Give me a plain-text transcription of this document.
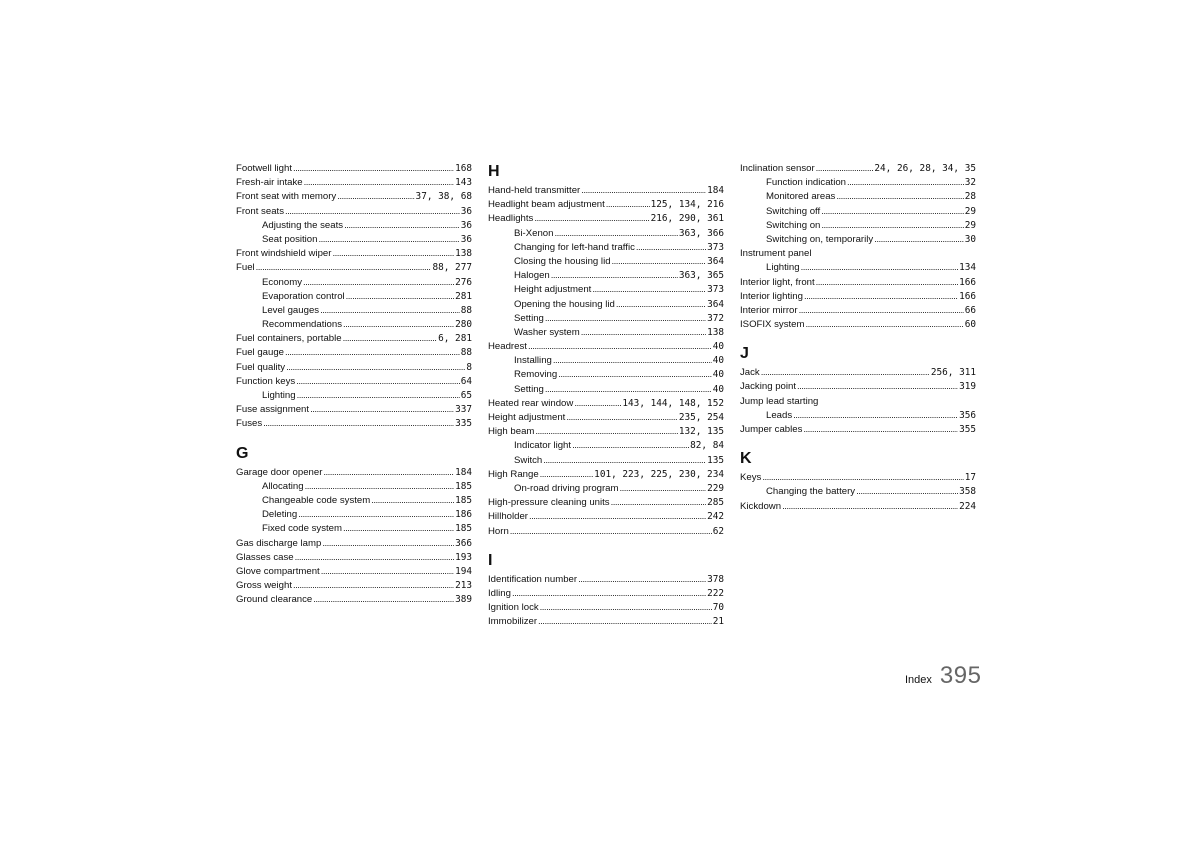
Footwell light . . .	168
Fresh-air intake . . .	143
Front seat with memory . . .	37, 38, 68
Front seats . . .	36
Adjusting the seats . . .	36
Seat position . . .	36
Front windshield wiper . . .	138
Fuel . . .	88, 277
Economy . . .	276
Evaporation control . . .	281
Level gauges . . .	88
Recommendations . . .	280
Fuel containers, portable . . .	6, 281
Fuel gauge . . .	88
Fuel quality . . .	8
Function keys . . .	64
Lighting . . .	65
Fuse assignment . . .	337
Fuses . . .	335
G
Garage door opener . . .	184
Allocating . . .	185
Changeable code system . . .	185
Deleting . . .	186
Fixed code system . . .	185
Gas discharge lamp . . .	366
Glasses case . . .	193
Glove compartment . . .	194
Gross weight . . .	213
Ground clearance . . .	389
H
Hand-held transmitter . . .	184
Headlight beam adjustment . . .	125, 134, 216
Headlights . . .	216, 290, 361
Bi-Xenon . . .	363, 366
Changing for left-hand traffic . . .	373
Closing the housing lid . . .	364
Halogen . . .	363, 365
Height adjustment . . .	373
Opening the housing lid . . .	364
Setting . . .	372
Washer system . . .	138
Headrest . . .	40
Installing . . .	40
Removing . . .	40
Setting . . .	40
Heated rear window . . .	143, 144, 148, 152
Height adjustment . . .	235, 254
High beam . . .	132, 135
Indicator light . . .	82, 84
Switch . . .	135
High Range . . .	101, 223, 225, 230, 234
On-road driving program . . .	229
High-pressure cleaning units . . .	285
Hillholder . . .	242
Horn . . .	62
I
Identification number . . .	378
Idling . . .	222
Ignition lock . . .	70
Immobilizer . . .	21
Inclination sensor . . .	24, 26, 28, 34, 35
Function indication . . .	32
Monitored areas . . .	28
Switching off . . .	29
Switching on . . .	29
Switching on, temporarily . . .	30
Instrument panel
Lighting . . .	134
Interior light, front . . .	166
Interior lighting . . .	166
Interior mirror . . .	66
ISOFIX system . . .	60
J
Jack . . .	256, 311
Jacking point . . .	319
Jump lead starting
Leads . . .	356
Jumper cables . . .	355
K
Keys . . .	17
Changing the battery . . .	358
Kickdown . . .	224
Index 395
